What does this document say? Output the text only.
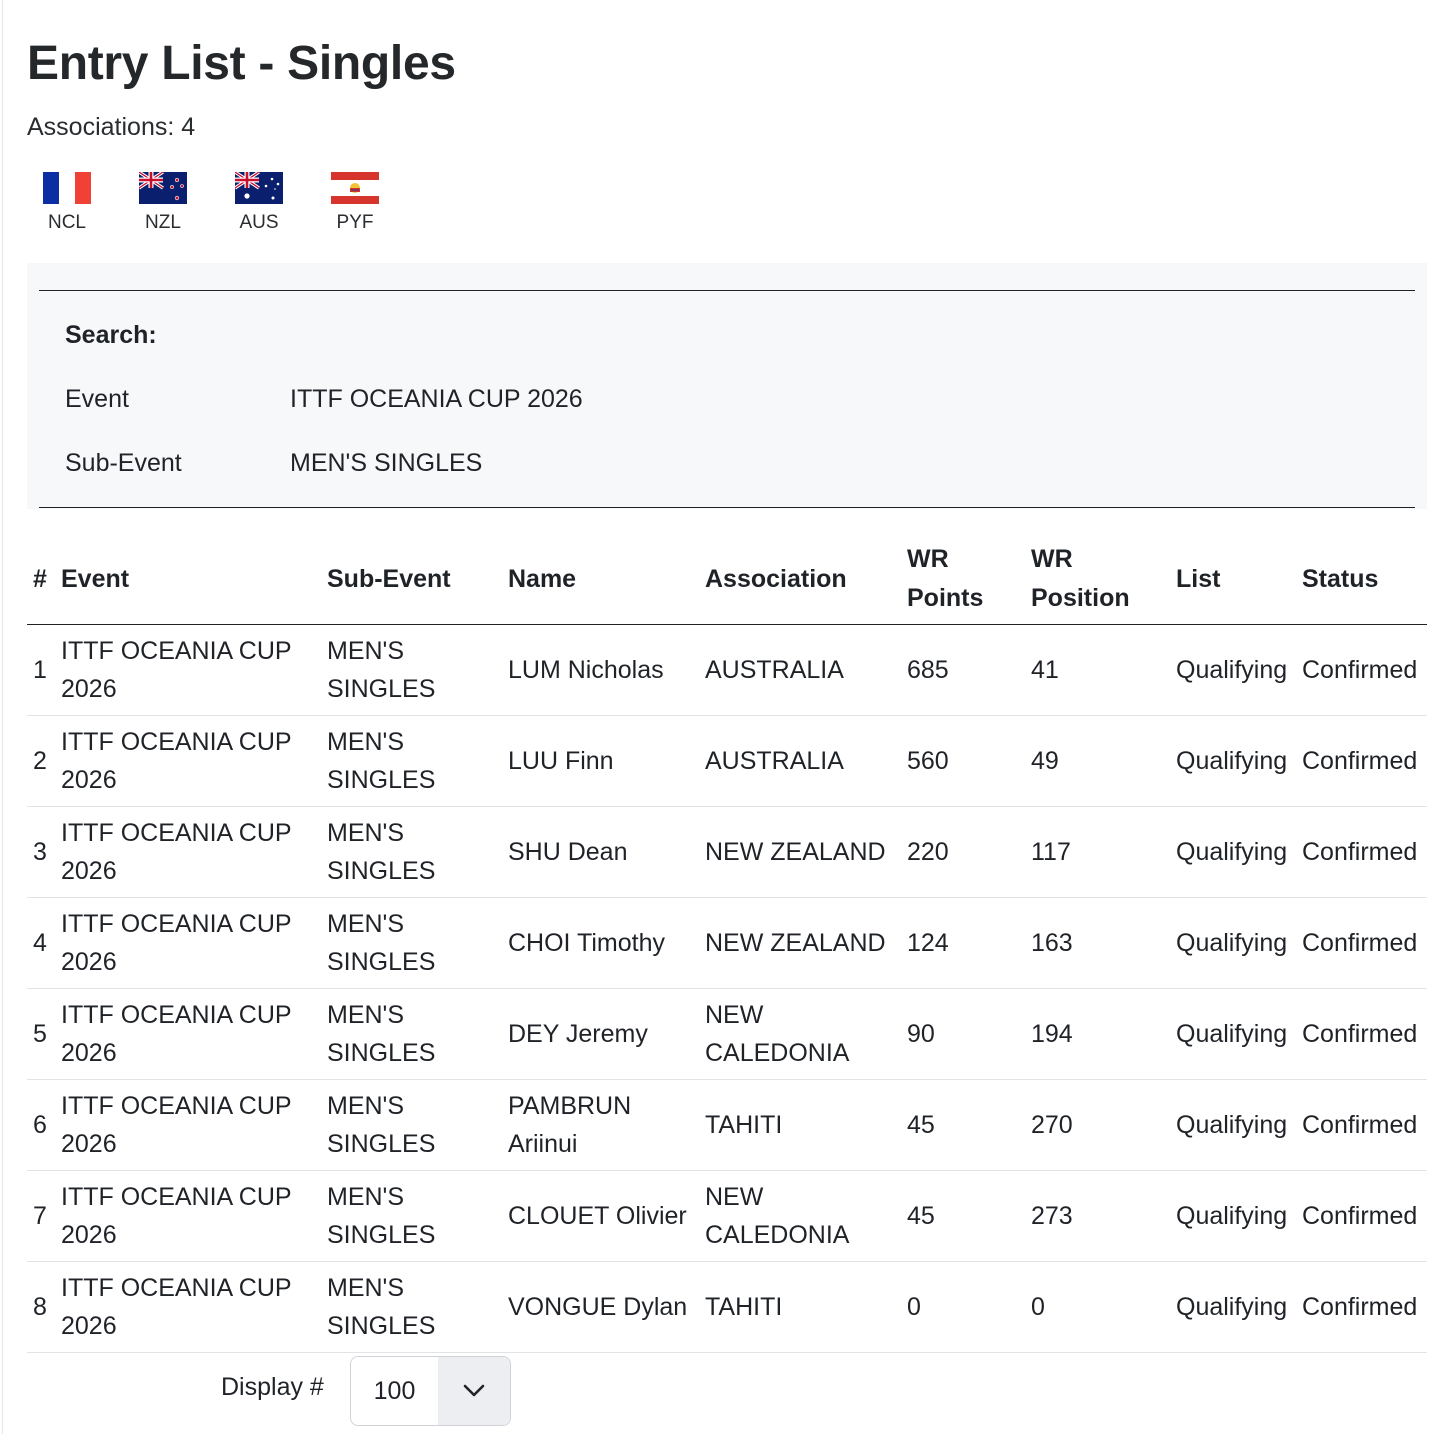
Entry List - Singles
Associations: 4
NCL	NZL	AUS	PYF
Search:
Event	ITTF OCEANIA CUP 2026
Sub-Event	MEN'S SINGLES
#	Event	Sub-Event	Name	Association	WR Points	WR Position	List	Status
1	ITTF OCEANIA CUP 2026	MEN'S SINGLES	LUM Nicholas	AUSTRALIA	685	41	Qualifying	Confirmed
2	ITTF OCEANIA CUP 2026	MEN'S SINGLES	LUU Finn	AUSTRALIA	560	49	Qualifying	Confirmed
3	ITTF OCEANIA CUP 2026	MEN'S SINGLES	SHU Dean	NEW ZEALAND	220	117	Qualifying	Confirmed
4	ITTF OCEANIA CUP 2026	MEN'S SINGLES	CHOI Timothy	NEW ZEALAND	124	163	Qualifying	Confirmed
5	ITTF OCEANIA CUP 2026	MEN'S SINGLES	DEY Jeremy	NEW CALEDONIA	90	194	Qualifying	Confirmed
6	ITTF OCEANIA CUP 2026	MEN'S SINGLES	PAMBRUN Ariinui	TAHITI	45	270	Qualifying	Confirmed
7	ITTF OCEANIA CUP 2026	MEN'S SINGLES	CLOUET Olivier	NEW CALEDONIA	45	273	Qualifying	Confirmed
8	ITTF OCEANIA CUP 2026	MEN'S SINGLES	VONGUE Dylan	TAHITI	0	0	Qualifying	Confirmed
Display #	100
